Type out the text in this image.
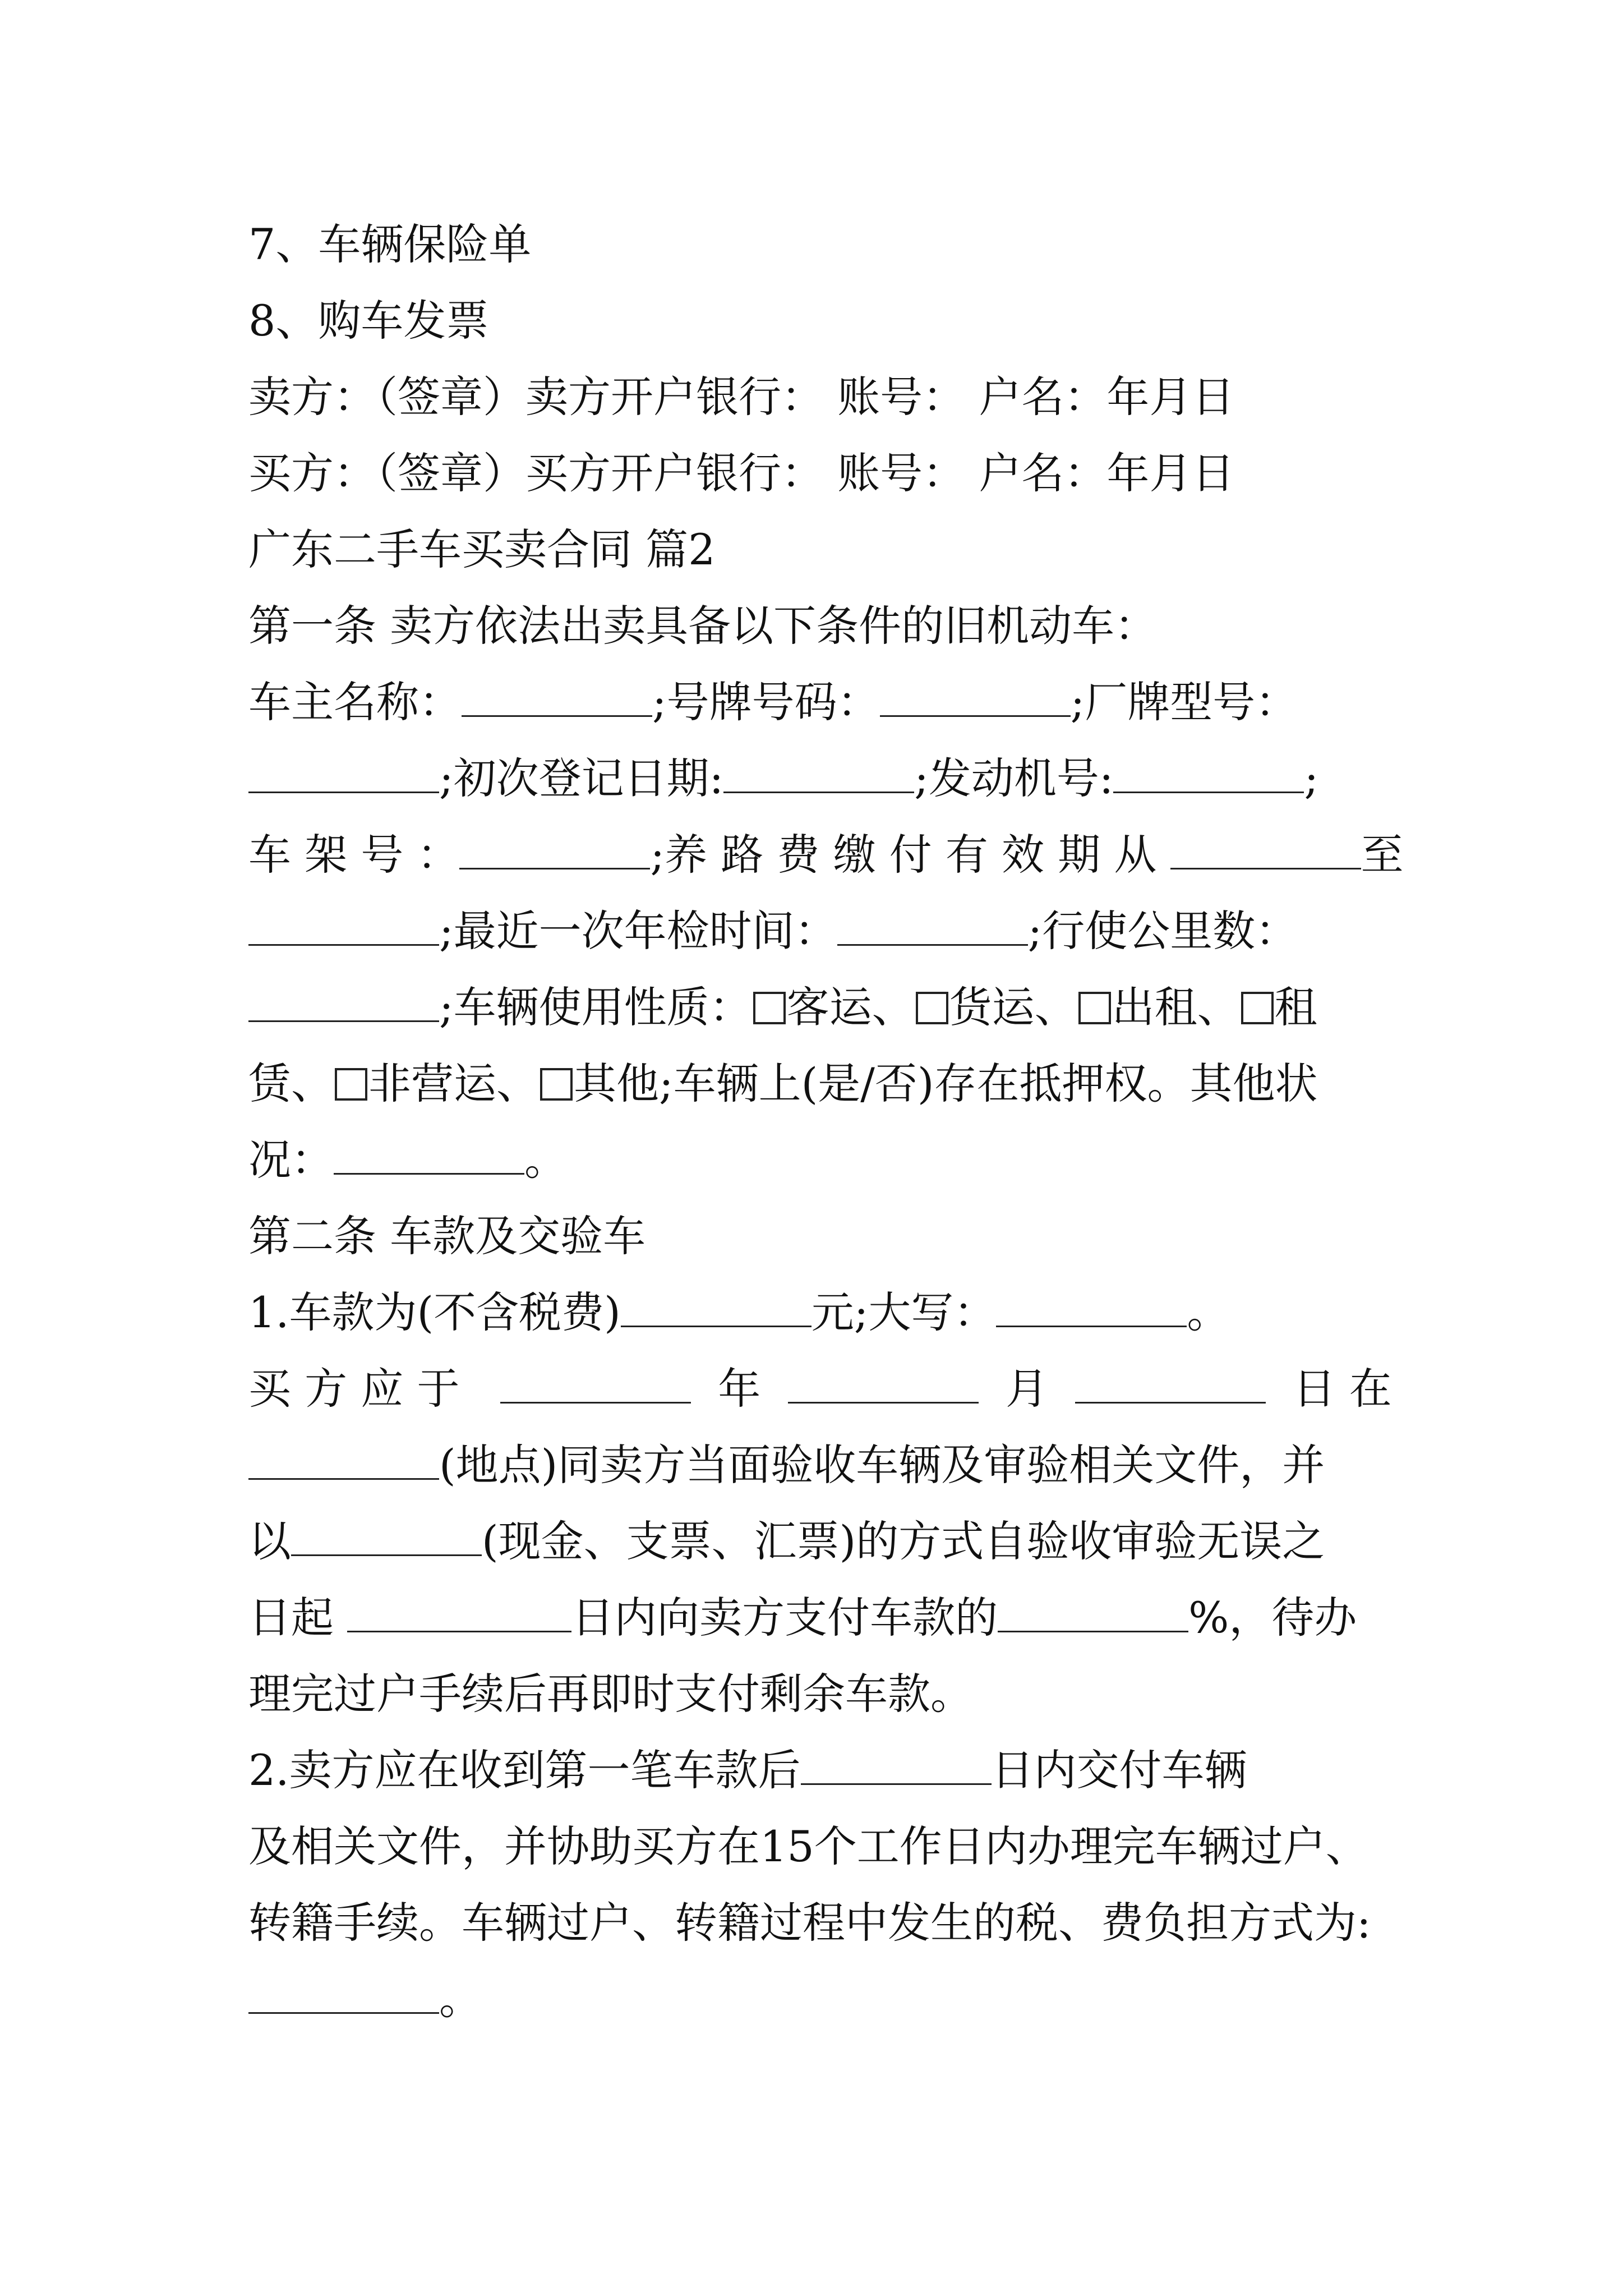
7、车辆保险单
8、购车发票
卖方：（签章）卖方开户银行： 账号： 户名：年月日
买方：（签章）买方开户银行： 账号： 户名：年月日
广东二手车买卖合同 篇2
第一条 卖方依法出卖具备以下条件的旧机动车：
车主名称：	;号牌号码：	;厂牌型号：
;初次登记日期:	;发动机号:	;
车 架 号 ：	;养 路 费 缴 付 有 效 期 从	至
;最近一次年检时间：	;行使公里数：
;车辆使用性质： 客运、 货运、 出租、 租
赁、 非营运、 其他;车辆上(是/否)存在抵押权。其他状
况：	。
第二条 车款及交验车
1.车款为(不含税费)	元;大写：	。
买 方 应 于	年	月	日 在
(地点)同卖方当面验收车辆及审验相关文件，并
以	(现金、支票、汇票)的方式自验收审验无误之
日起	日内向卖方支付车款的	%，待办
理完过户手续后再即时支付剩余车款。
2.卖方应在收到第一笔车款后	日内交付车辆
及相关文件，并协助买方在15个工作日内办理完车辆过户、
转籍手续。车辆过户、转籍过程中发生的税、费负担方式为:
。
